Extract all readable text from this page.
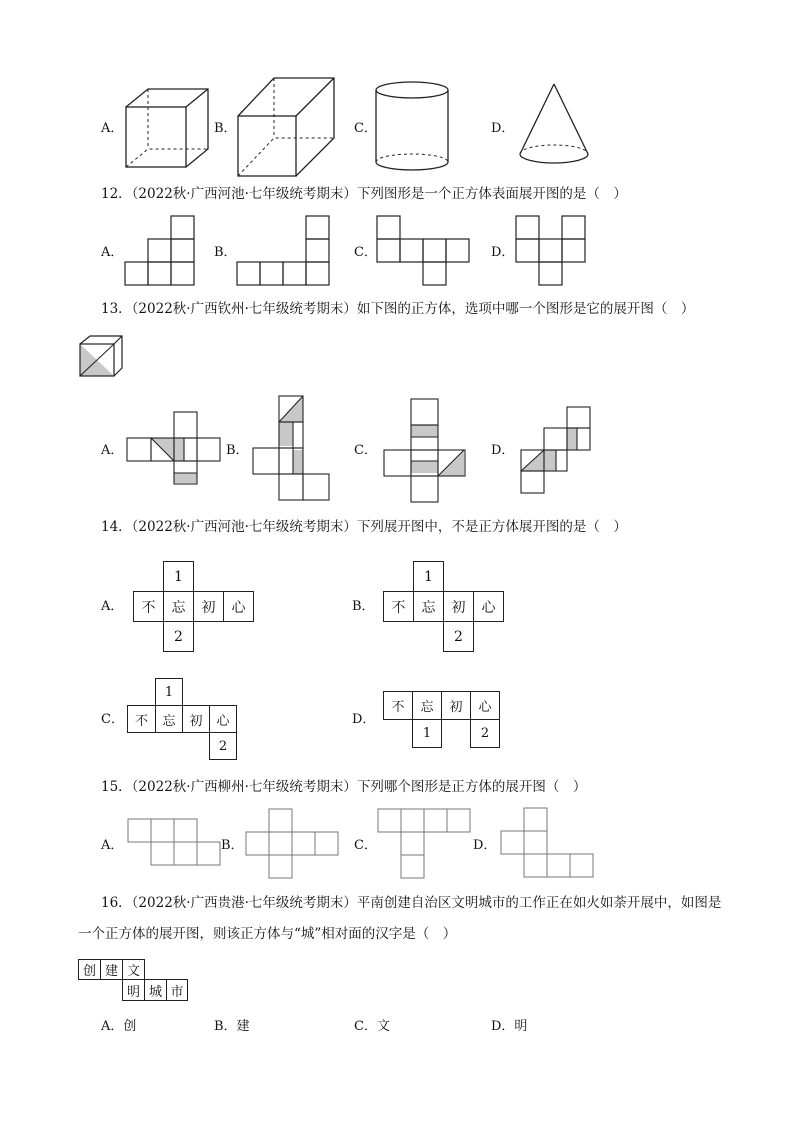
A．	B．	C．	D．
12．（2022秋·广西河池·七年级统考期末）下列图形是一个正方体表面展开图的是（　）
A．	B．	C．	D．
13．（2022秋·广西钦州·七年级统考期末）如下图的正方体，选项中哪一个图形是它的展开图（　）
A．	B．	C．	D．
14．（2022秋·广西河池·七年级统考期末）下列展开图中，不是正方体展开图的是（　）
A．
1
不	忘	初	心
2
B．
1
不	忘	初	心
2
C．
1
不	忘	初	心
2
D．
不	忘	初	心
1	2
15．（2022秋·广西柳州·七年级统考期末）下列哪个图形是正方体的展开图（　）
A．	B．	C．	D．
16．（2022秋·广西贵港·七年级统考期末）平南创建自治区文明城市的工作正在如火如荼开展中，如图是
一个正方体的展开图，则该正方体与“城”相对面的汉字是（　）
创 建 文
明 城 市
A．创	B．建	C．文	D．明
